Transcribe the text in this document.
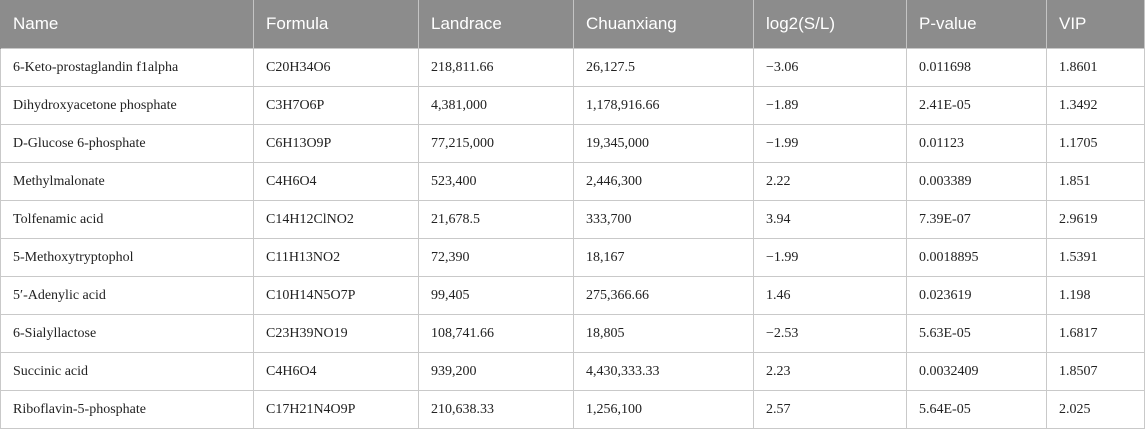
Name	Formula	Landrace	Chuanxiang	log2(S/L)	P-value	VIP
6-Keto-prostaglandin f1alpha	C20H34O6	218,811.66	26,127.5	−3.06	0.011698	1.8601
Dihydroxyacetone phosphate	C3H7O6P	4,381,000	1,178,916.66	−1.89	2.41E-05	1.3492
D-Glucose 6-phosphate	C6H13O9P	77,215,000	19,345,000	−1.99	0.01123	1.1705
Methylmalonate	C4H6O4	523,400	2,446,300	2.22	0.003389	1.851
Tolfenamic acid	C14H12ClNO2	21,678.5	333,700	3.94	7.39E-07	2.9619
5-Methoxytryptophol	C11H13NO2	72,390	18,167	−1.99	0.0018895	1.5391
5′-Adenylic acid	C10H14N5O7P	99,405	275,366.66	1.46	0.023619	1.198
6-Sialyllactose	C23H39NO19	108,741.66	18,805	−2.53	5.63E-05	1.6817
Succinic acid	C4H6O4	939,200	4,430,333.33	2.23	0.0032409	1.8507
Riboflavin-5-phosphate	C17H21N4O9P	210,638.33	1,256,100	2.57	5.64E-05	2.025
